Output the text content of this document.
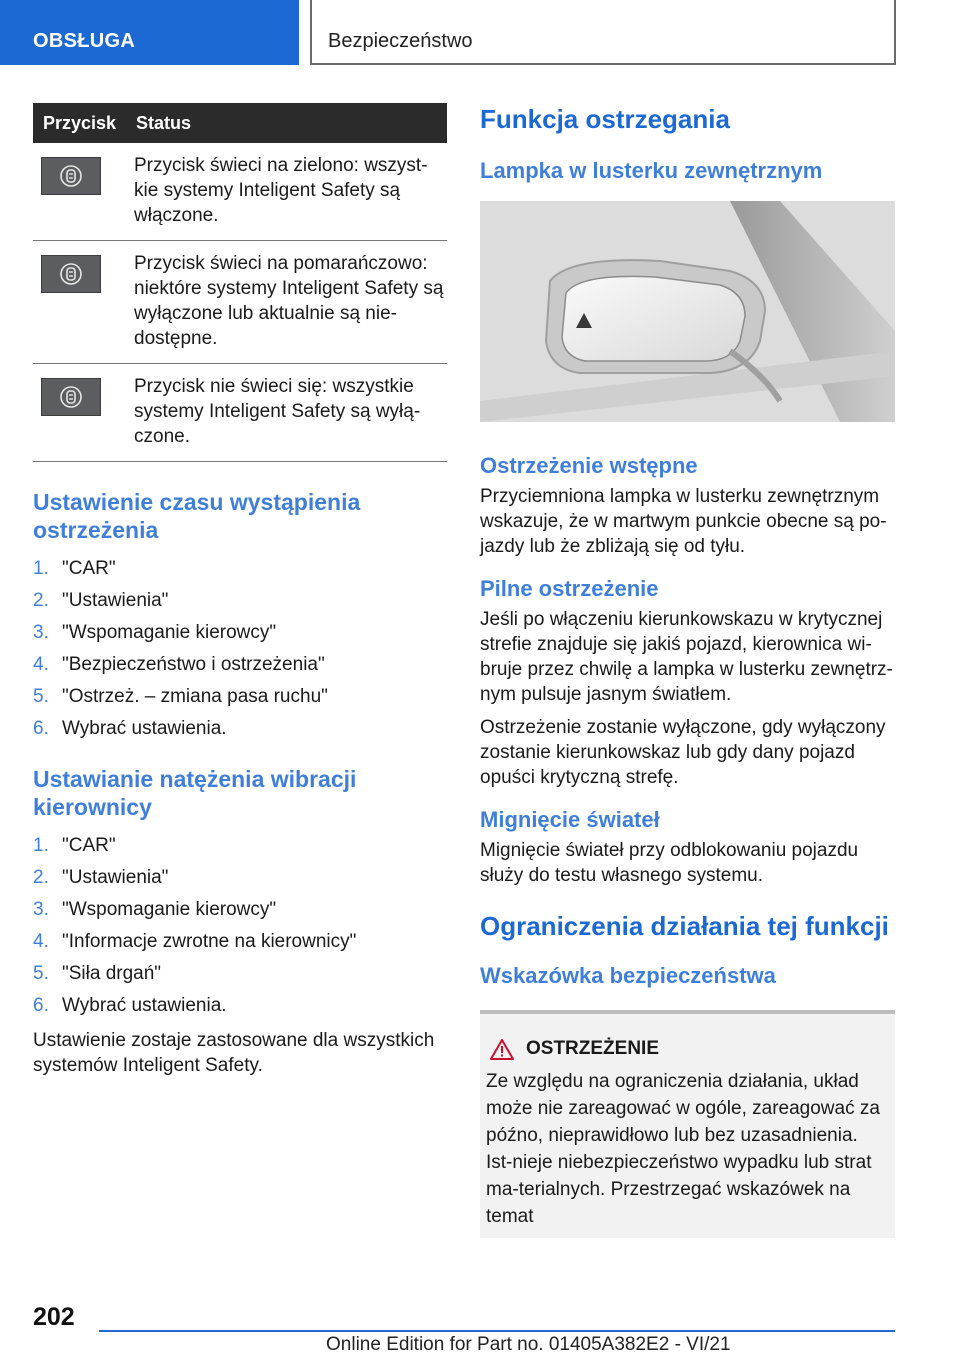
OBSŁUGA	Bezpieczeństwo
Przycisk	Status
Przycisk świeci na zielono: wszyst-kie systemy Inteligent Safety są włączone.
Przycisk świeci na pomarańczowo: niektóre systemy Inteligent Safety są wyłączone lub aktualnie są nie-dostępne.
Przycisk nie świeci się: wszystkie systemy Inteligent Safety są wyłą-czone.
Ustawienie czasu wystąpienia ostrzeżenia
1. "CAR"
2. "Ustawienia"
3. "Wspomaganie kierowcy"
4. "Bezpieczeństwo i ostrzeżenia"
5. "Ostrzeż. – zmiana pasa ruchu"
6. Wybrać ustawienia.
Ustawianie natężenia wibracji kierownicy
1. "CAR"
2. "Ustawienia"
3. "Wspomaganie kierowcy"
4. "Informacje zwrotne na kierownicy"
5. "Siła drgań"
6. Wybrać ustawienia.
Ustawienie zostaje zastosowane dla wszystkich systemów Inteligent Safety.
Funkcja ostrzegania
Lampka w lusterku zewnętrznym
Ostrzeżenie wstępne
Przyciemniona lampka w lusterku zewnętrznym wskazuje, że w martwym punkcie obecne są po-jazdy lub że zbliżają się od tyłu.
Pilne ostrzeżenie
Jeśli po włączeniu kierunkowskazu w krytycznej strefie znajduje się jakiś pojazd, kierownica wi-bruje przez chwilę a lampka w lusterku zewnętrz-nym pulsuje jasnym światłem.
Ostrzeżenie zostanie wyłączone, gdy wyłączony zostanie kierunkowskaz lub gdy dany pojazd opuści krytyczną strefę.
Mignięcie świateł
Mignięcie świateł przy odblokowaniu pojazdu służy do testu własnego systemu.
Ograniczenia działania tej funkcji
Wskazówka bezpieczeństwa
OSTRZEŻENIE
Ze względu na ograniczenia działania, układ może nie zareagować w ogóle, zareagować za późno, nieprawidłowo lub bez uzasadnienia. Ist-nieje niebezpieczeństwo wypadku lub strat ma-terialnych. Przestrzegać wskazówek na temat
202
Online Edition for Part no. 01405A382E2 - VI/21
